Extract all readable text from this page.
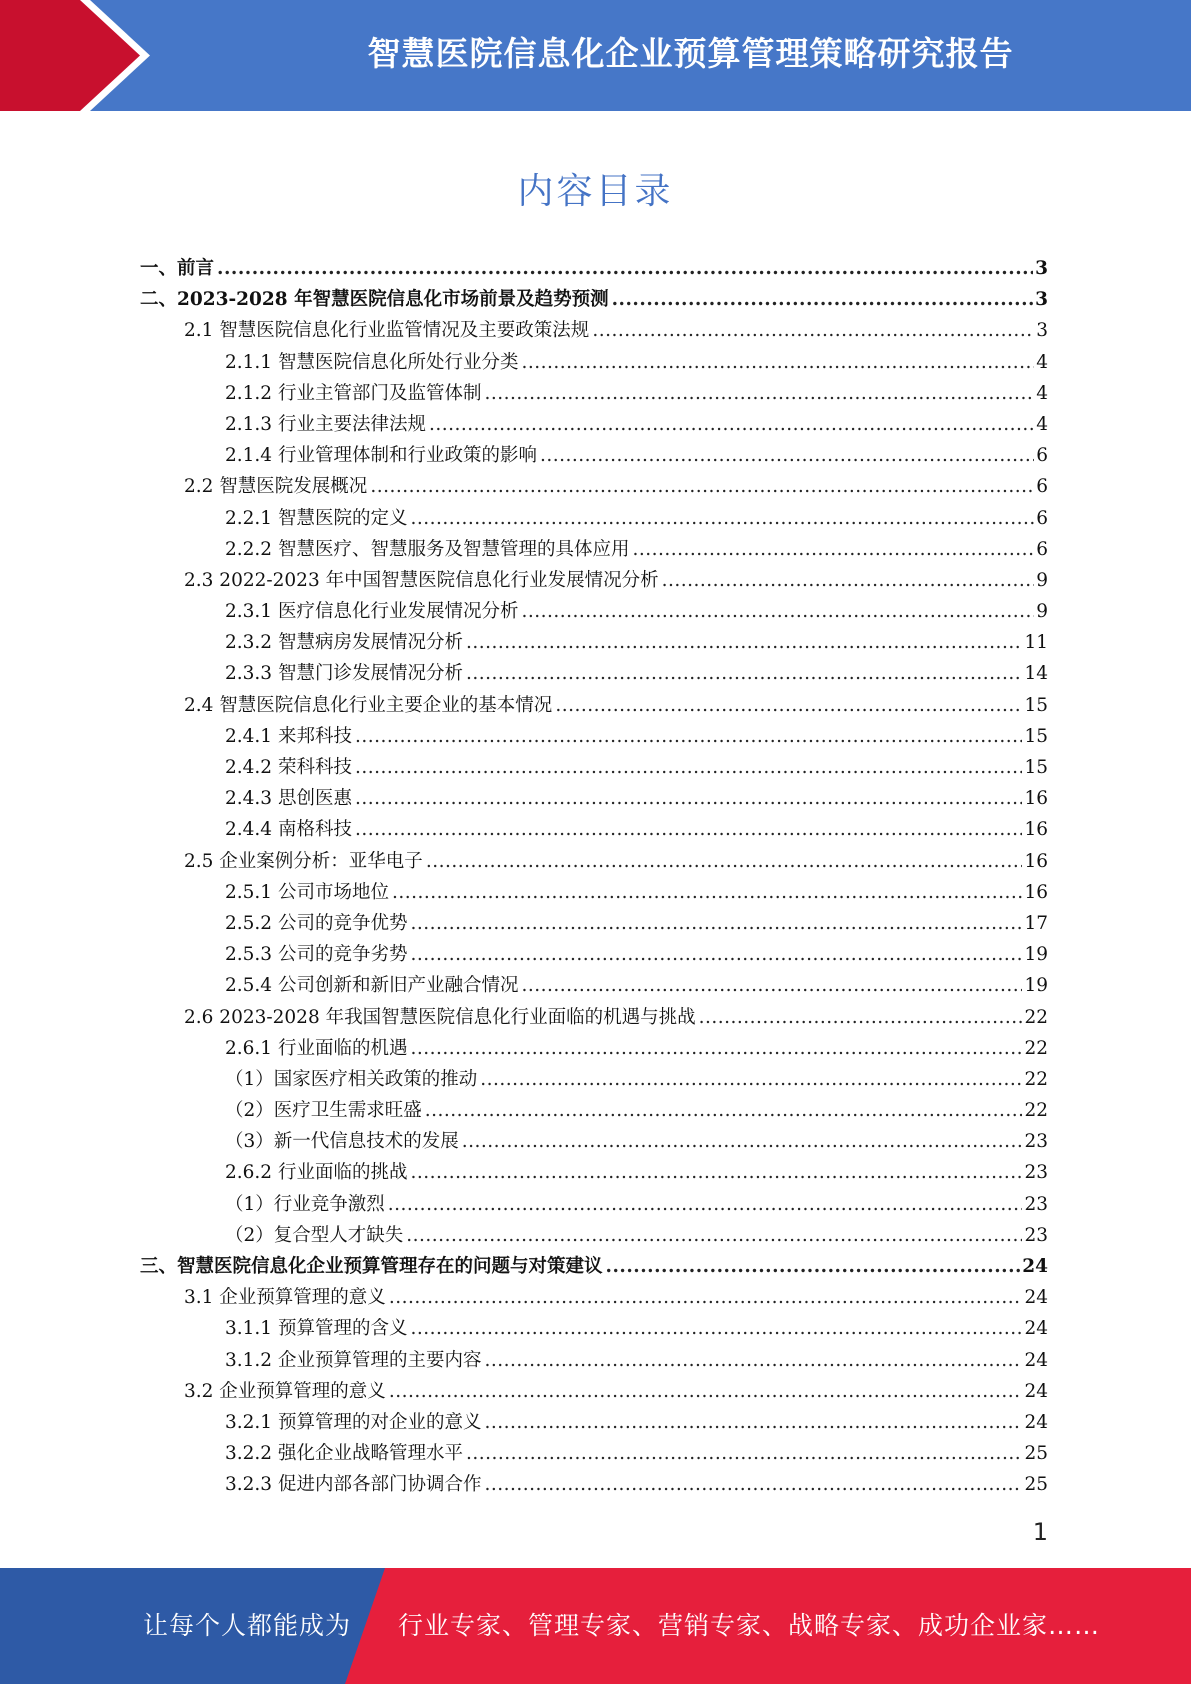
智慧医院信息化企业预算管理策略研究报告
内容目录
一、前言 .....	3
二、2023-2028 年智慧医院信息化市场前景及趋势预测 .....	3
2.1 智慧医院信息化行业监管情况及主要政策法规 .....	3
2.1.1 智慧医院信息化所处行业分类 .....	4
2.1.2 行业主管部门及监管体制 .....	4
2.1.3 行业主要法律法规 .....	4
2.1.4 行业管理体制和行业政策的影响 .....	6
2.2 智慧医院发展概况 .....	6
2.2.1 智慧医院的定义 .....	6
2.2.2 智慧医疗、智慧服务及智慧管理的具体应用 .....	6
2.3 2022-2023 年中国智慧医院信息化行业发展情况分析 .....	9
2.3.1 医疗信息化行业发展情况分析 .....	9
2.3.2 智慧病房发展情况分析 .....	11
2.3.3 智慧门诊发展情况分析 .....	14
2.4 智慧医院信息化行业主要企业的基本情况 .....	15
2.4.1 来邦科技 .....	15
2.4.2 荣科科技 .....	15
2.4.3 思创医惠 .....	16
2.4.4 南格科技 .....	16
2.5 企业案例分析：亚华电子 .....	16
2.5.1 公司市场地位 .....	16
2.5.2 公司的竞争优势 .....	17
2.5.3 公司的竞争劣势 .....	19
2.5.4 公司创新和新旧产业融合情况 .....	19
2.6 2023-2028 年我国智慧医院信息化行业面临的机遇与挑战 .....	22
2.6.1 行业面临的机遇 .....	22
（1）国家医疗相关政策的推动 .....	22
（2）医疗卫生需求旺盛 .....	22
（3）新一代信息技术的发展 .....	23
2.6.2 行业面临的挑战 .....	23
（1）行业竞争激烈 .....	23
（2）复合型人才缺失 .....	23
三、智慧医院信息化企业预算管理存在的问题与对策建议 .....	24
3.1 企业预算管理的意义 .....	24
3.1.1 预算管理的含义 .....	24
3.1.2 企业预算管理的主要内容 .....	24
3.2 企业预算管理的意义 .....	24
3.2.1 预算管理的对企业的意义 .....	24
3.2.2 强化企业战略管理水平 .....	25
3.2.3 促进内部各部门协调合作 .....	25
1
让每个人都能成为 行业专家、管理专家、营销专家、战略专家、成功企业家……
